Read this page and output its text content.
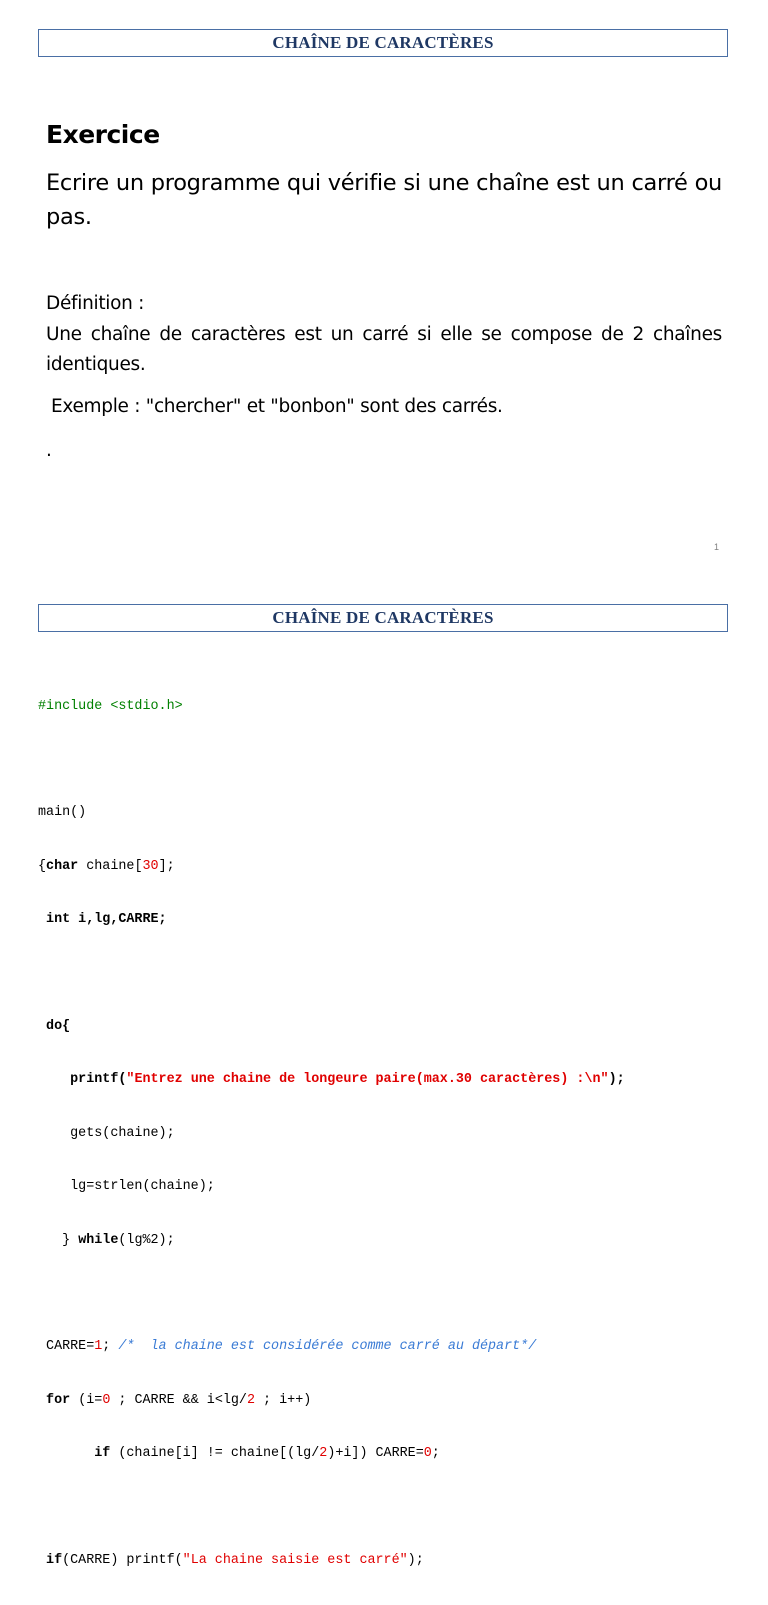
CHAÎNE DE CARACTÈRES
Exercice
Ecrire un programme qui vérifie si une chaîne est un carré ou pas.
Définition :
Une chaîne de caractères est un carré si elle se compose de 2 chaînes identiques.
Exemple : "chercher" et "bonbon" sont des carrés.
.
1
CHAÎNE DE CARACTÈRES

#include <stdio.h>

main()

{char chaine[30];

int i,lg,CARRE;

do{

printf("Entrez une chaine de longeure paire(max.30 caractères) :\n");

gets(chaine);

lg=strlen(chaine);

} while(lg%2);

CARRE=1; /*  la chaine est considérée comme carré au départ*/

for (i=0 ; CARRE && i<lg/2 ; i++)

if (chaine[i] != chaine[(lg/2)+i]) CARRE=0;

if(CARRE) printf("La chaine saisie est carré");
